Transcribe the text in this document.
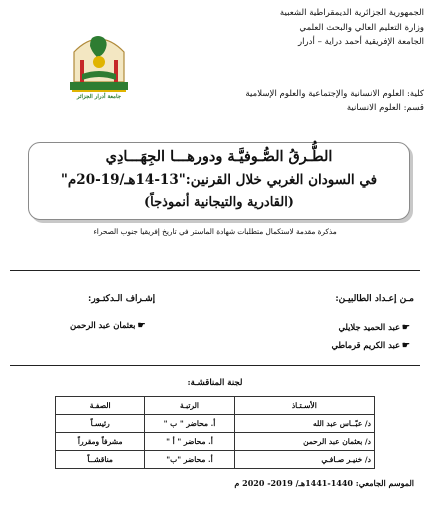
الجمهورية الجزائرية الديمقراطية الشعبية
وزارة التعليم العالي والبحث العلمي
الجامعة الإفريقية أحمد دراية – أدرار
جامعة أدرار الجزائر	كلية: العلوم الانسانية والإجتماعية والعلوم الإسلامية
قسم: العلوم الانسانية
الطُّـرقُ الصُّـوفيَّـة ودورهـــا الجِهَـــادِي
في السودان الغربي خلال القرنين:"13-14هـ/19-20م"
(القادرية والتيجانية أنموذجاً)
مذكرة مقدمة لاستكمال متطلبات شهادة الماستر في تاريخ إفريقيا جنوب الصحراء
مـن إعـداد الطالبيـن:
إشـراف الـدكتـور:
☛عبد الحميد جلايلي
☛عبد الكريم قرماطي
☛بعثمان عبد الرحمن
لجنة المناقشـة:
الأسـتـاذ	الرتبـة	الصفـة
د/ عبّــاس عبد الله	أ. محاضر " ب "	رئيسـاً
د/ بعثمان عبد الرحمن	أ. محاضر " أ "	مشرفاً ومقرراً
د/ خنيـر صـافـي	أ. محاضر "ب"	مناقشــاً
الموسم الجامعي: 1440-1441هـ/ 2019- 2020 م
